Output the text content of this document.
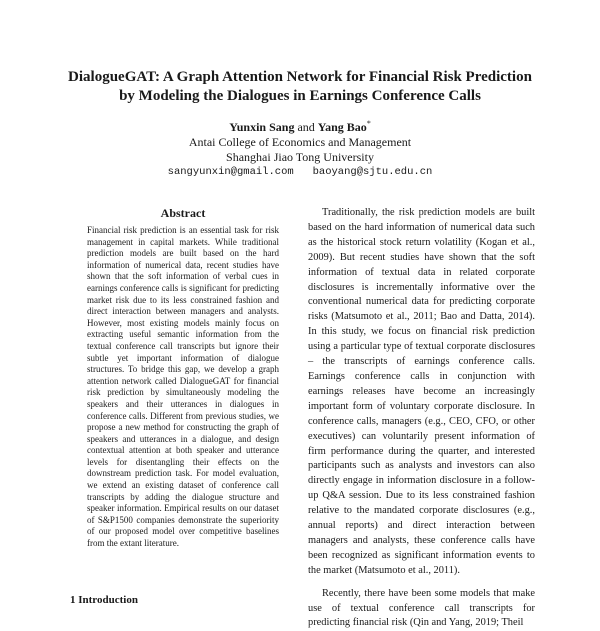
DialogueGAT: A Graph Attention Network for Financial Risk Prediction
by Modeling the Dialogues in Earnings Conference Calls
Yunxin Sang and Yang Bao*
Antai College of Economics and Management
Shanghai Jiao Tong University
sangyunxin@gmail.com baoyang@sjtu.edu.cn
Abstract
Financial risk prediction is an essential task for risk management in capital markets. While traditional prediction models are built based on the hard information of numerical data, recent studies have shown that the soft information of verbal cues in earnings conference calls is significant for predicting market risk due to its less constrained fashion and direct interaction between managers and analysts. However, most existing models mainly focus on extracting useful semantic information from the textual conference call transcripts but ignore their subtle yet important information of dialogue structures. To bridge this gap, we develop a graph attention network called DialogueGAT for financial risk prediction by simultaneously modeling the speakers and their utterances in dialogues in conference calls. Different from previous studies, we propose a new method for constructing the graph of speakers and utterances in a dialogue, and design contextual attention at both speaker and utterance levels for disentangling their effects on the downstream prediction task. For model evaluation, we extend an existing dataset of conference call transcripts by adding the dialogue structure and speaker information. Empirical results on our dataset of S&P1500 companies demonstrate the superiority of our proposed model over competitive baselines from the extant literature.

Traditionally, the risk prediction models are built based on the hard information of numerical data such as the historical stock return volatility (Kogan et al., 2009). But recent studies have shown that the soft information of textual data in related corporate disclosures is incrementally informative over the conventional numerical data for predicting corporate risks (Matsumoto et al., 2011; Bao and Datta, 2014). In this study, we focus on financial risk prediction using a particular type of textual corporate disclosures – the transcripts of earnings conference calls. Earnings conference calls in conjunction with earnings releases have become an increasingly important form of voluntary corporate disclosure. In conference calls, managers (e.g., CEO, CFO, or other executives) can voluntarily present information of firm performance during the quarter, and interested participants such as analysts and investors can also directly engage in information disclosure in a follow-up Q&A session. Due to its less constrained fashion relative to the mandated corporate disclosures (e.g., annual reports) and direct interaction between managers and analysts, these conference calls have been recognized as significant information events to the market (Matsumoto et al., 2011).

Recently, there have been some models that make use of textual conference call transcripts for predicting financial risk (Qin and Yang, 2019; Theil

1 Introduction
